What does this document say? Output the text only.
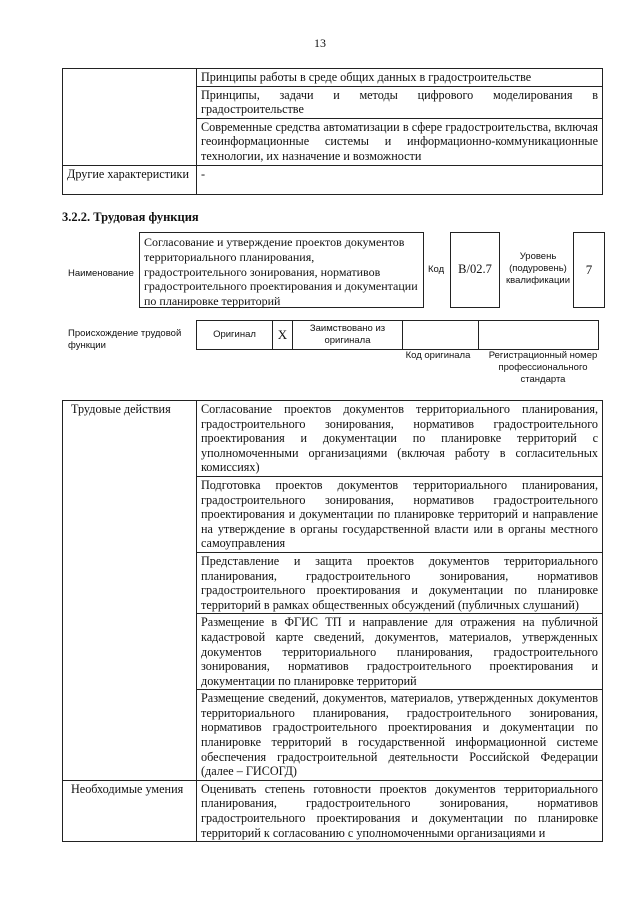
13
	Принципы работы в среде общих данных в градостроительстве
	Принципы, задачи и методы цифрового моделирования в градостроительстве
	Современные средства автоматизации в сфере градостроительства, включая геоинформационные системы и информационно-коммуникационные технологии, их назначение и возможности
Другие характеристики	-
3.2.2. Трудовая функция
Наименование
Согласование и утверждение проектов документов территориального планирования, градостроительного зонирования, нормативов градостроительного проектирования и документации по планировке территорий
Код	B/02.7
Уровень (подуровень) квалификации
7
Происхождение трудовой функции
Оригинал	X	Заимствовано из оригинала		
Код оригинала	Регистрационный номер профессионального стандарта
Трудовые действия	Согласование проектов документов территориального планирования, градостроительного зонирования, нормативов градостроительного проектирования и документации по планировке территорий с уполномоченными организациями (включая работу в согласительных комиссиях)
	Подготовка проектов документов территориального планирования, градостроительного зонирования, нормативов градостроительного проектирования и документации по планировке территорий и направление на утверждение в органы государственной власти или в органы местного самоуправления
	Представление и защита проектов документов территориального планирования, градостроительного зонирования, нормативов градостроительного проектирования и документации по планировке территорий в рамках общественных обсуждений (публичных слушаний)
	Размещение в ФГИС ТП и направление для отражения на публичной кадастровой карте сведений, документов, материалов, утвержденных документов территориального планирования, градостроительного зонирования, нормативов градостроительного проектирования и документации по планировке территорий
	Размещение сведений, документов, материалов, утвержденных документов территориального планирования, градостроительного зонирования, нормативов градостроительного проектирования и документации по планировке территорий в государственной информационной системе обеспечения градостроительной деятельности Российской Федерации (далее – ГИСОГД)
Необходимые умения	Оценивать степень готовности проектов документов территориального планирования, градостроительного зонирования, нормативов градостроительного проектирования и документации по планировке территорий к согласованию с уполномоченными организациями и
